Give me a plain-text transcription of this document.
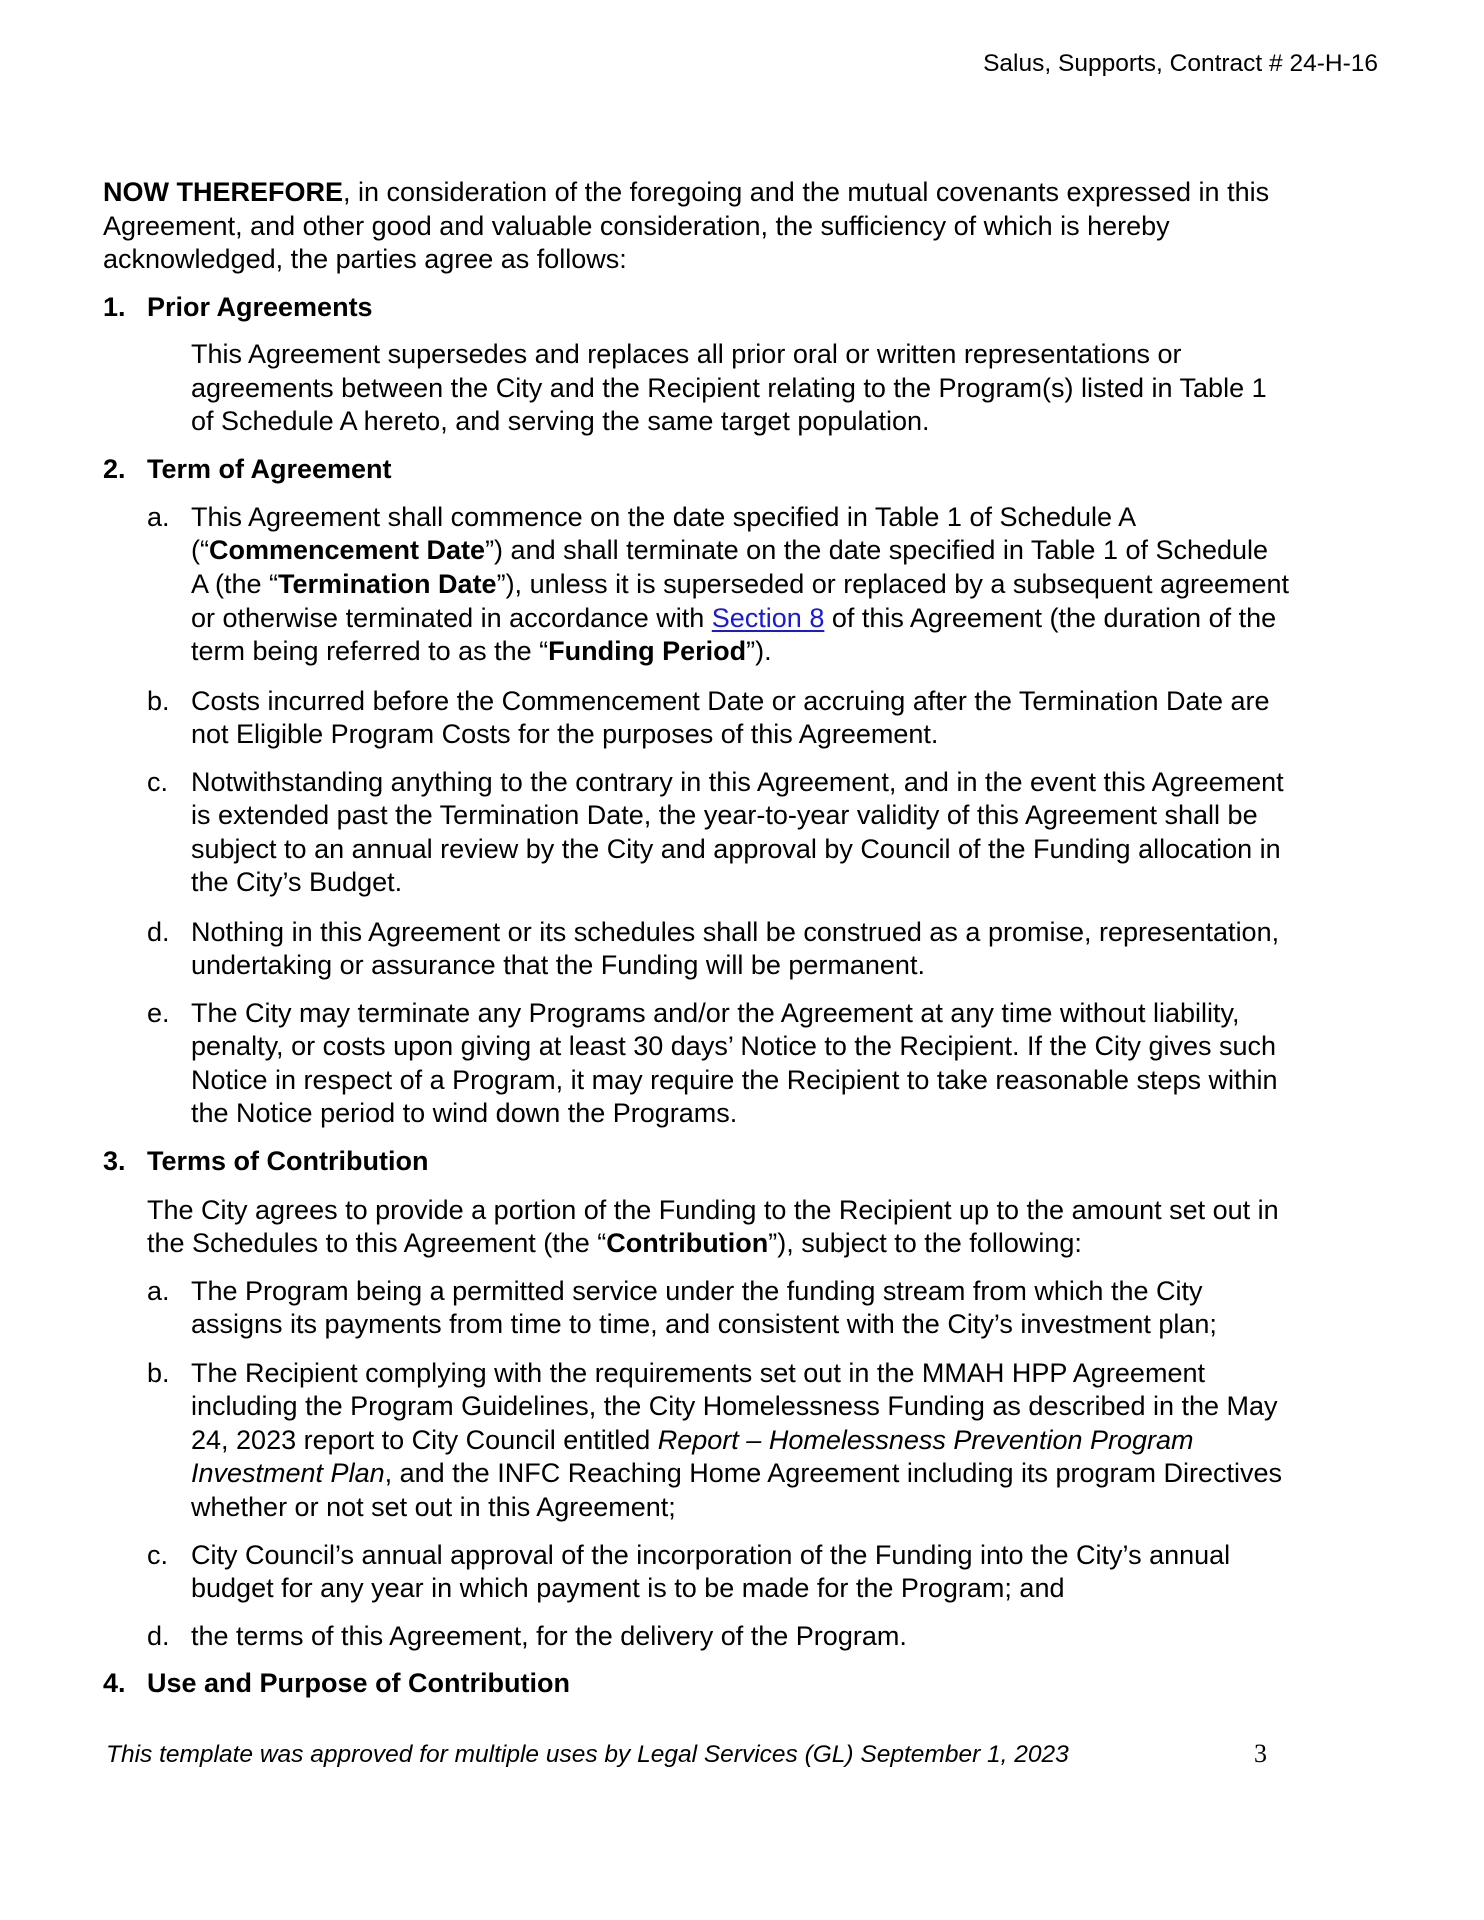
Salus, Supports, Contract # 24-H-16
NOW THEREFORE, in consideration of the foregoing and the mutual covenants expressed in this
Agreement, and other good and valuable consideration, the sufficiency of which is hereby
acknowledged, the parties agree as follows:
1. Prior Agreements
This Agreement supersedes and replaces all prior oral or written representations or
agreements between the City and the Recipient relating to the Program(s) listed in Table 1
of Schedule A hereto, and serving the same target population.
2. Term of Agreement
a. This Agreement shall commence on the date specified in Table 1 of Schedule A
(“Commencement Date”) and shall terminate on the date specified in Table 1 of Schedule
A (the “Termination Date”), unless it is superseded or replaced by a subsequent agreement
or otherwise terminated in accordance with Section 8 of this Agreement (the duration of the
term being referred to as the “Funding Period”).
b. Costs incurred before the Commencement Date or accruing after the Termination Date are
not Eligible Program Costs for the purposes of this Agreement.
c. Notwithstanding anything to the contrary in this Agreement, and in the event this Agreement
is extended past the Termination Date, the year-to-year validity of this Agreement shall be
subject to an annual review by the City and approval by Council of the Funding allocation in
the City’s Budget.
d. Nothing in this Agreement or its schedules shall be construed as a promise, representation,
undertaking or assurance that the Funding will be permanent.
e. The City may terminate any Programs and/or the Agreement at any time without liability,
penalty, or costs upon giving at least 30 days’ Notice to the Recipient. If the City gives such
Notice in respect of a Program, it may require the Recipient to take reasonable steps within
the Notice period to wind down the Programs.
3. Terms of Contribution
The City agrees to provide a portion of the Funding to the Recipient up to the amount set out in
the Schedules to this Agreement (the “Contribution”), subject to the following:
a. The Program being a permitted service under the funding stream from which the City
assigns its payments from time to time, and consistent with the City’s investment plan;
b. The Recipient complying with the requirements set out in the MMAH HPP Agreement
including the Program Guidelines, the City Homelessness Funding as described in the May
24, 2023 report to City Council entitled Report – Homelessness Prevention Program
Investment Plan, and the INFC Reaching Home Agreement including its program Directives
whether or not set out in this Agreement;
c. City Council’s annual approval of the incorporation of the Funding into the City’s annual
budget for any year in which payment is to be made for the Program; and
d. the terms of this Agreement, for the delivery of the Program.
4. Use and Purpose of Contribution
This template was approved for multiple uses by Legal Services (GL) September 1, 2023	3
